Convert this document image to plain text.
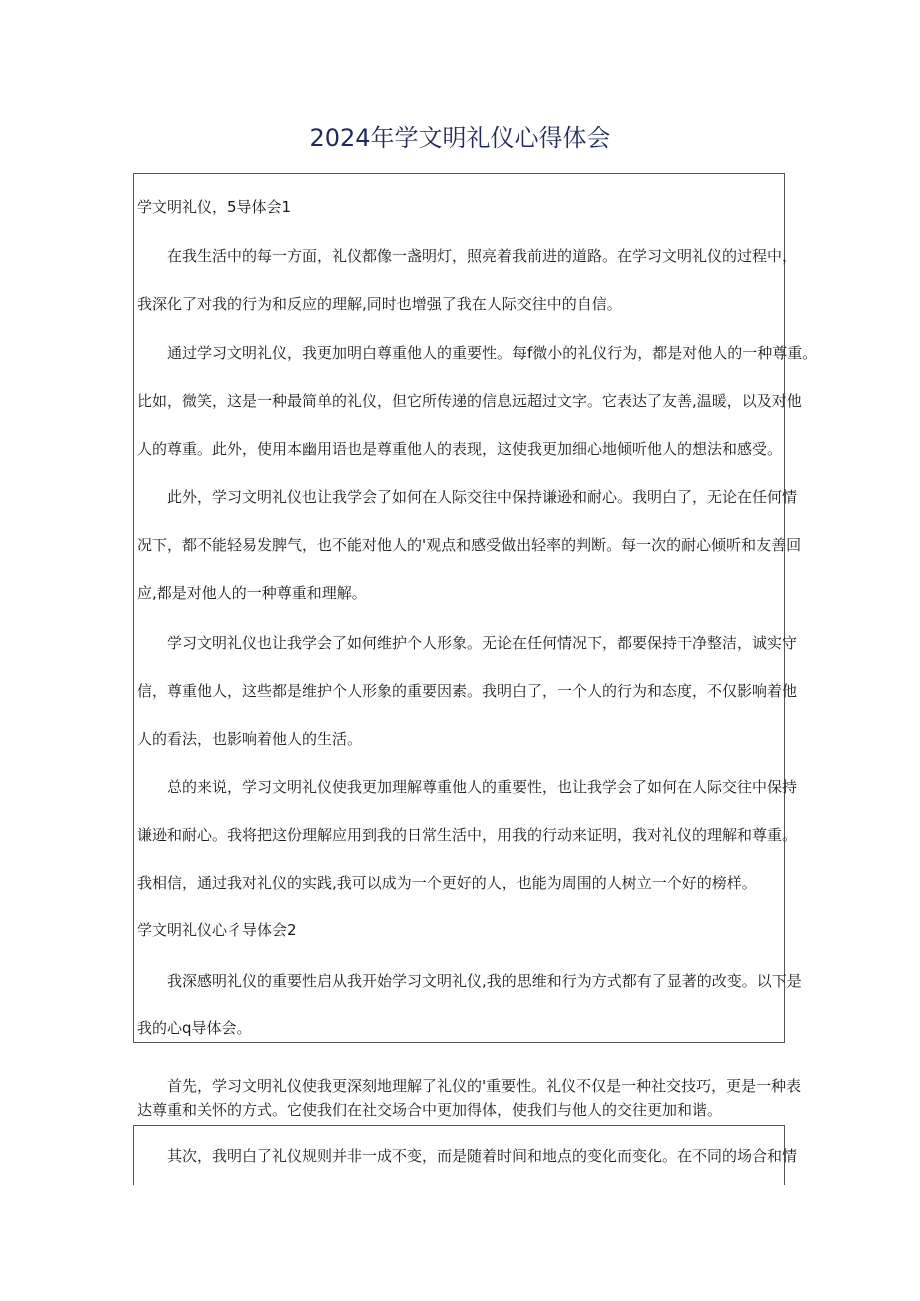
2024年学文明礼仪心得体会
学文明礼仪，5导体会1
在我生活中的每一方面，礼仪都像一盏明灯，照亮着我前进的道路。在学习文明礼仪的过程中，
我深化了对我的行为和反应的理解,同时也增强了我在人际交往中的自信。
通过学习文明礼仪，我更加明白尊重他人的重要性。每f微小的礼仪行为，都是对他人的一种尊重。
比如，微笑，这是一种最简单的礼仪，但它所传递的信息远超过文字。它表达了友善,温暖，以及对他
人的尊重。此外，使用本幽用语也是尊重他人的表现，这使我更加细心地倾听他人的想法和感受。
此外，学习文明礼仪也让我学会了如何在人际交往中保持谦逊和耐心。我明白了，无论在任何情
况下，都不能轻易发脾气，也不能对他人的'观点和感受做出轻率的判断。每一次的耐心倾听和友善回
应,都是对他人的一种尊重和理解。
学习文明礼仪也让我学会了如何维护个人形象。无论在任何情况下，都要保持干净整洁，诚实守
信，尊重他人，这些都是维护个人形象的重要因素。我明白了，一个人的行为和态度，不仅影响着他
人的看法，也影响着他人的生活。
总的来说，学习文明礼仪使我更加理解尊重他人的重要性，也让我学会了如何在人际交往中保持
谦逊和耐心。我将把这份理解应用到我的日常生活中，用我的行动来证明，我对礼仪的理解和尊重。
我相信，通过我对礼仪的实践,我可以成为一个更好的人，也能为周围的人树立一个好的榜样。
学文明礼仪心彳导体会2
我深感明礼仪的重要性启从我开始学习文明礼仪,我的思维和行为方式都有了显著的改变。以下是
我的心q导体会。
首先，学习文明礼仪使我更深刻地理解了礼仪的'重要性。礼仪不仅是一种社交技巧，更是一种表
达尊重和关怀的方式。它使我们在社交场合中更加得体，使我们与他人的交往更加和谐。
其次，我明白了礼仪规则并非一成不变，而是随着时间和地点的变化而变化。在不同的场合和情
